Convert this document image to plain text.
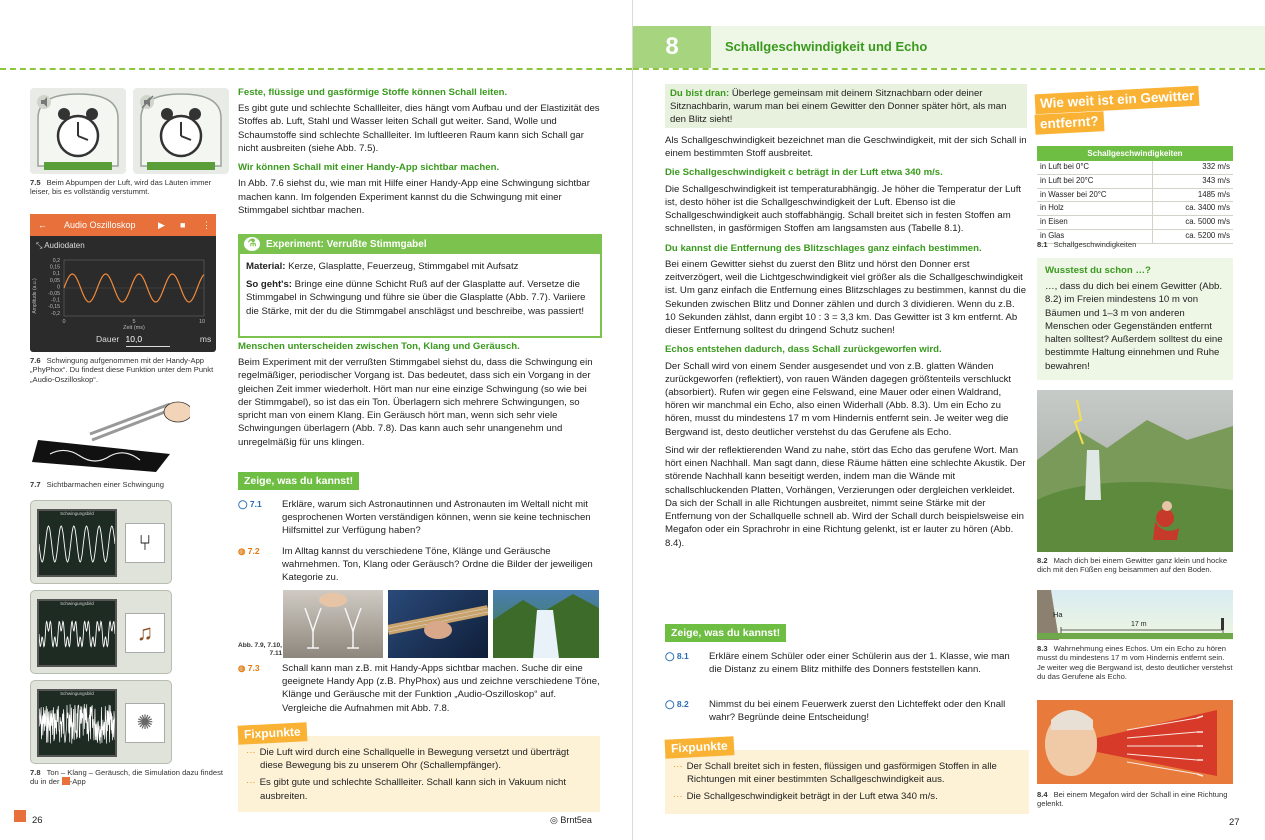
7.5 Beim Abpumpen der Luft, wird das Läuten immer leiser, bis es vollständig verstummt.
← Audio Oszilloskop ▶ ■ ⋮
⤡ Audiodaten
Amplitude (a.u.)
0,2
0,15
0,1
0,05
0
-0,05
-0,1
-0,15
-0,2
0	5	10
Zeit (ms)
Dauer 10,0	ms
7.6 Schwingung aufgenommen mit der Handy-App „PhyPhox“. Du findest diese Funktion unter dem Punkt „Audio-Oszilloskop“.
7.7 Sichtbarmachen einer Schwingung
Schwingungsbild
⑂
Schwingungsbild
♫
Schwingungsbild
✺
7.8 Ton – Klang – Geräusch, die Simulation dazu findest du in der -App
Feste, flüssige und gasförmige Stoffe können Schall leiten.

Es gibt gute und schlechte Schallleiter, dies hängt vom Aufbau und der Elastizität des Stoffes ab. Luft, Stahl und Wasser leiten Schall gut weiter. Sand, Wolle und Schaumstoffe sind schlechte Schallleiter. Im luftleeren Raum kann sich Schall gar nicht ausbreiten (siehe Abb. 7.5).

Wir können Schall mit einer Handy-App sichtbar machen.

In Abb. 7.6 siehst du, wie man mit Hilfe einer Handy-App eine Schwingung sichtbar machen kann. Im folgenden Experiment kannst du die Schwingung mit einer Stimmgabel sichtbar machen.

⚗ Experiment: Verrußte Stimmgabel

Material: Kerze, Glasplatte, Feuerzeug, Stimmgabel mit Aufsatz

So geht's: Bringe eine dünne Schicht Ruß auf der Glasplatte auf. Versetze die Stimmgabel in Schwingung und führe sie über die Glasplatte (Abb. 7.7). Variiere die Stärke, mit der du die Stimmgabel anschlägst und beschreibe, was passiert!

Menschen unterscheiden zwischen Ton, Klang und Geräusch.

Beim Experiment mit der verrußten Stimmgabel siehst du, dass die Schwingung ein regelmäßiger, periodischer Vorgang ist. Das bedeutet, dass sich ein Vorgang in der gleichen Zeit immer wiederholt. Hört man nur eine einzige Schwingung (so wie bei der Stimmgabel), so ist das ein Ton. Überlagern sich mehrere Schwingungen, so spricht man von einem Klang. Ein Geräusch hört man, wenn sich sehr viele Schwingungen überlagern (Abb. 7.8). Das kann auch sehr unangenehm und unregelmäßig für uns klingen.

Zeige, was du kannst!
◯ 7.1 Erkläre, warum sich Astronautinnen und Astronauten im Weltall nicht mit gesprochenen Worten verständigen können, wenn sie keine technischen Hilfsmittel zur Verfügung haben?
◍ 7.2 Im Alltag kannst du verschiedene Töne, Klänge und Geräusche wahrnehmen. Ton, Klang oder Geräusch? Ordne die Bilder der jeweiligen Kategorie zu.
Abb. 7.9, 7.10, 7.11
◍ 7.3 Schall kann man z.B. mit Handy-Apps sichtbar machen. Suche dir eine geeignete Handy App (z.B. PhyPhox) aus und zeichne verschiedene Töne, Klänge und Geräusche mit der Funktion „Audio-Oszilloskop“ auf. Vergleiche die Aufnahmen mit Abb. 7.8.

··· Die Luft wird durch eine Schallquelle in Bewegung versetzt und überträgt diese Bewegung bis zu unserem Ohr (Schallempfänger).

··· Es gibt gute und schlechte Schallleiter. Schall kann sich in Vakuum nicht ausbreiten.

Fixpunkte
26	◎ Brnt5ea
8	Schallgeschwindigkeit und Echo
Du bist dran: Überlege gemeinsam mit deinem Sitznachbarn oder deiner Sitznachbarin, warum man bei einem Gewitter den Donner später hört, als man den Blitz sieht!

Als Schallgeschwindigkeit bezeichnet man die Geschwindigkeit, mit der sich Schall in einem bestimmten Stoff ausbreitet.

Die Schallgeschwindigkeit c beträgt in der Luft etwa 340 m/s.

Die Schallgeschwindigkeit ist temperaturabhängig. Je höher die Temperatur der Luft ist, desto höher ist die Schallgeschwindigkeit der Luft. Ebenso ist die Schallgeschwindigkeit auch stoffabhängig. Schall breitet sich in festen Stoffen am schnellsten, in gasförmigen Stoffen am langsamsten aus (Tabelle 8.1).

Du kannst die Entfernung des Blitzschlages ganz einfach bestimmen.

Bei einem Gewitter siehst du zuerst den Blitz und hörst den Donner erst zeitverzögert, weil die Lichtgeschwindigkeit viel größer als die Schallgeschwindigkeit ist. Um ganz einfach die Entfernung eines Blitzschlages zu bestimmen, kannst du die Sekunden zwischen Blitz und Donner zählen und durch 3 dividieren. Wenn du z.B. 10 Sekunden zählst, dann ergibt 10 : 3 = 3,3 km. Das Gewitter ist 3 km entfernt. Ab dieser Entfernung solltest du dringend Schutz suchen!

Echos entstehen dadurch, dass Schall zurückgeworfen wird.

Der Schall wird von einem Sender ausgesendet und von z.B. glatten Wänden zurückgeworfen (reflektiert), von rauen Wänden dagegen größtenteils verschluckt (absorbiert). Rufen wir gegen eine Felswand, eine Mauer oder einen Waldrand, hören wir manchmal ein Echo, also einen Widerhall (Abb. 8.3). Um ein Echo zu hören, musst du mindestens 17 m vom Hindernis entfernt sein. Je weiter weg die Bergwand ist, desto deutlicher verstehst du das Gerufene als Echo.

Sind wir der reflektierenden Wand zu nahe, stört das Echo das gerufene Wort. Man hört einen Nachhall. Man sagt dann, diese Räume hätten eine schlechte Akustik. Der störende Nachhall kann beseitigt werden, indem man die Wände mit schallschluckenden Platten, Vorhängen, Verzierungen oder dergleichen verkleidet. Da sich der Schall in alle Richtungen ausbreitet, nimmt seine Stärke mit der Entfernung von der Schallquelle schnell ab. Wird der Schall durch beispielsweise ein Megafon oder ein Sprachrohr in eine Richtung gelenkt, ist er lauter zu hören (Abb. 8.4).

Zeige, was du kannst!
◯ 8.1 Erkläre einem Schüler oder einer Schülerin aus der 1. Klasse, wie man die Distanz zu einem Blitz mithilfe des Donners feststellen kann.
◯ 8.2 Nimmst du bei einem Feuerwerk zuerst den Lichteffekt oder den Knall wahr? Begründe deine Entscheidung!

··· Der Schall breitet sich in festen, flüssigen und gasförmigen Stoffen in alle Richtungen mit einer bestimmten Schallgeschwindigkeit aus.

··· Die Schallgeschwindigkeit beträgt in der Luft etwa 340 m/s.

Fixpunkte
Wie weit ist ein Gewitter
entfernt?
Schallgeschwindigkeiten
in Luft bei 0°C	332 m/s
in Luft bei 20°C	343 m/s
in Wasser bei 20°C	1485 m/s
in Holz	ca. 3400 m/s
in Eisen	ca. 5000 m/s
in Glas	ca. 5200 m/s
8.1 Schallgeschwindigkeiten
Wusstest du schon …?
…, dass du dich bei einem Gewitter (Abb. 8.2) im Freien mindestens 10 m von Bäumen und 1–3 m von anderen Menschen oder Gegenständen entfernt halten solltest? Außerdem solltest du eine bestimmte Haltung einnehmen und Ruhe bewahren!
8.2 Mach dich bei einem Gewitter ganz klein und hocke dich mit den Füßen eng beisammen auf den Boden.
Ha
17 m
8.3 Wahrnehmung eines Echos. Um ein Echo zu hören musst du mindestens 17 m vom Hindernis entfernt sein. Je weiter weg die Bergwand ist, desto deutlicher verstehst du das Gerufene als Echo.
8.4 Bei einem Megafon wird der Schall in eine Richtung gelenkt.
27
